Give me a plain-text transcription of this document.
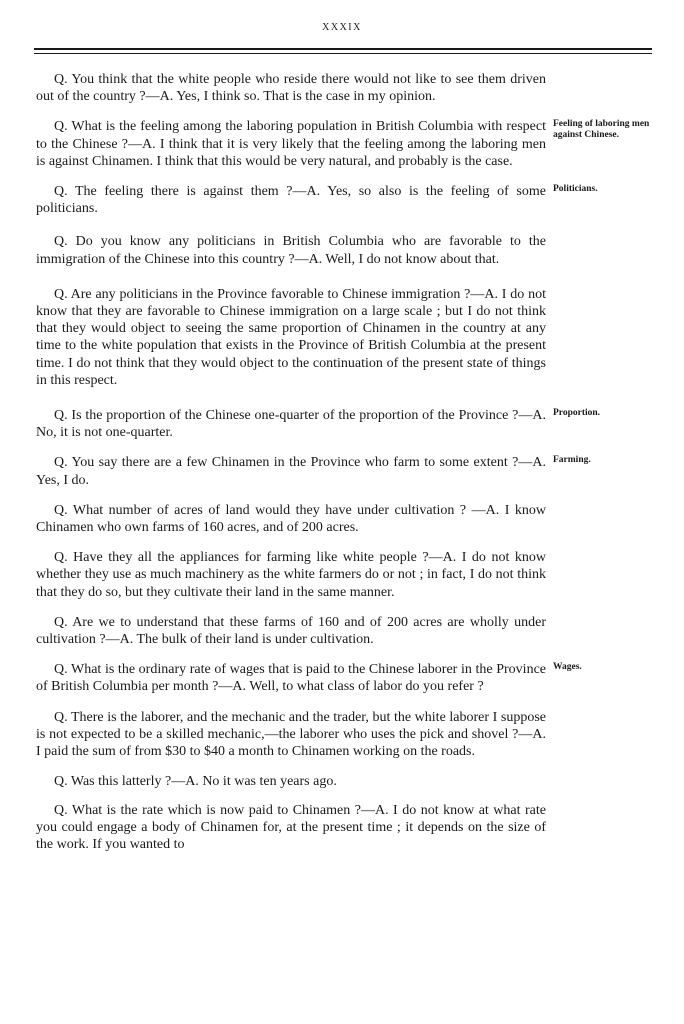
XXXIX

Q. You think that the white people who reside there would not like to see them driven out of the country ?—A. Yes, I think so. That is the case in my opinion.

Q. What is the feeling among the laboring population in British Columbia with respect to the Chinese ?—A. I think that it is very likely that the feeling among the laboring men is against Chinamen. I think that this would be very natural, and probably is the case.
Feeling of laboring men against Chinese.

Q. The feeling there is against them ?—A. Yes, so also is the feeling of some politicians.
Politicians.

Q. Do you know any politicians in British Columbia who are favorable to the immigration of the Chinese into this country ?—A. Well, I do not know about that.

Q. Are any politicians in the Province favorable to Chinese immigration ?—A. I do not know that they are favorable to Chinese immigration on a large scale ; but I do not think that they would object to seeing the same proportion of Chinamen in the country at any time to the white population that exists in the Province of British Columbia at the present time. I do not think that they would object to the continuation of the present state of things in this respect.

Q. Is the proportion of the Chinese one-quarter of the proportion of the Province ?—A. No, it is not one-quarter.
Proportion.

Q. You say there are a few Chinamen in the Province who farm to some extent ?—A. Yes, I do.
Farming.

Q. What number of acres of land would they have under cultivation ? —A. I know Chinamen who own farms of 160 acres, and of 200 acres.

Q. Have they all the appliances for farming like white people ?—A. I do not know whether they use as much machinery as the white farmers do or not ; in fact, I do not think that they do so, but they cultivate their land in the same manner.

Q. Are we to understand that these farms of 160 and of 200 acres are wholly under cultivation ?—A. The bulk of their land is under cultivation.

Q. What is the ordinary rate of wages that is paid to the Chinese laborer in the Province of British Columbia per month ?—A. Well, to what class of labor do you refer ?
Wages.

Q. There is the laborer, and the mechanic and the trader, but the white laborer I suppose is not expected to be a skilled mechanic,—the laborer who uses the pick and shovel ?—A. I paid the sum of from $30 to $40 a month to Chinamen working on the roads.

Q. Was this latterly ?—A. No it was ten years ago.

Q. What is the rate which is now paid to Chinamen ?—A. I do not know at what rate you could engage a body of Chinamen for, at the present time ; it depends on the size of the work. If you wanted to
